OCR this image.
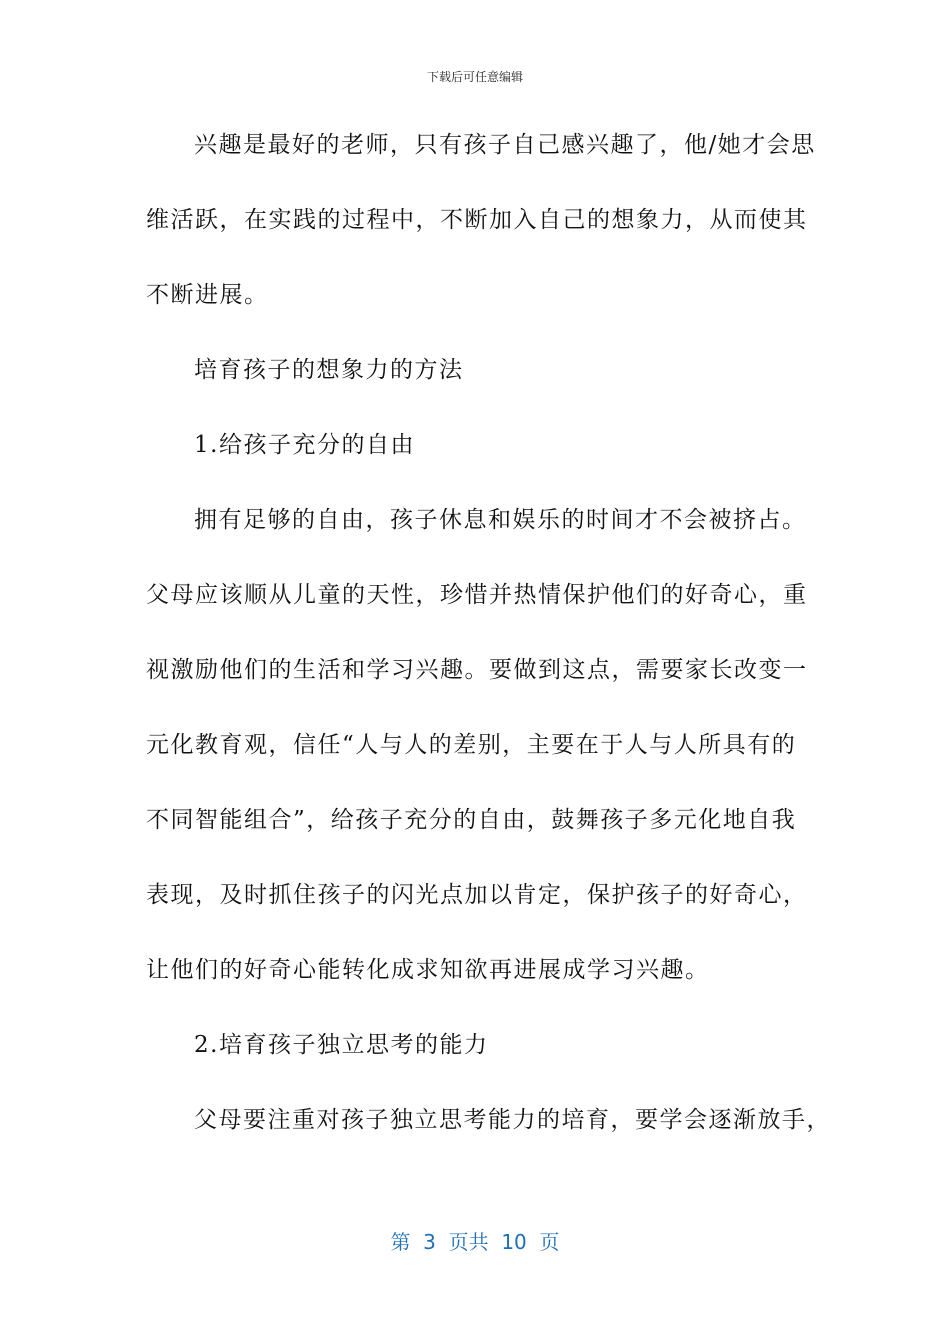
下载后可任意编辑
兴趣是最好的老师，只有孩子自己感兴趣了，他/她才会思
维活跃，在实践的过程中，不断加入自己的想象力，从而使其
不断进展。
培育孩子的想象力的方法
1.给孩子充分的自由
拥有足够的自由，孩子休息和娱乐的时间才不会被挤占。
父母应该顺从儿童的天性，珍惜并热情保护他们的好奇心，重
视激励他们的生活和学习兴趣。要做到这点，需要家长改变一
元化教育观，信任“人与人的差别，主要在于人与人所具有的
不同智能组合”，给孩子充分的自由，鼓舞孩子多元化地自我
表现，及时抓住孩子的闪光点加以肯定，保护孩子的好奇心，
让他们的好奇心能转化成求知欲再进展成学习兴趣。
2.培育孩子独立思考的能力
父母要注重对孩子独立思考能力的培育，要学会逐渐放手，
第  3  页共  10  页
